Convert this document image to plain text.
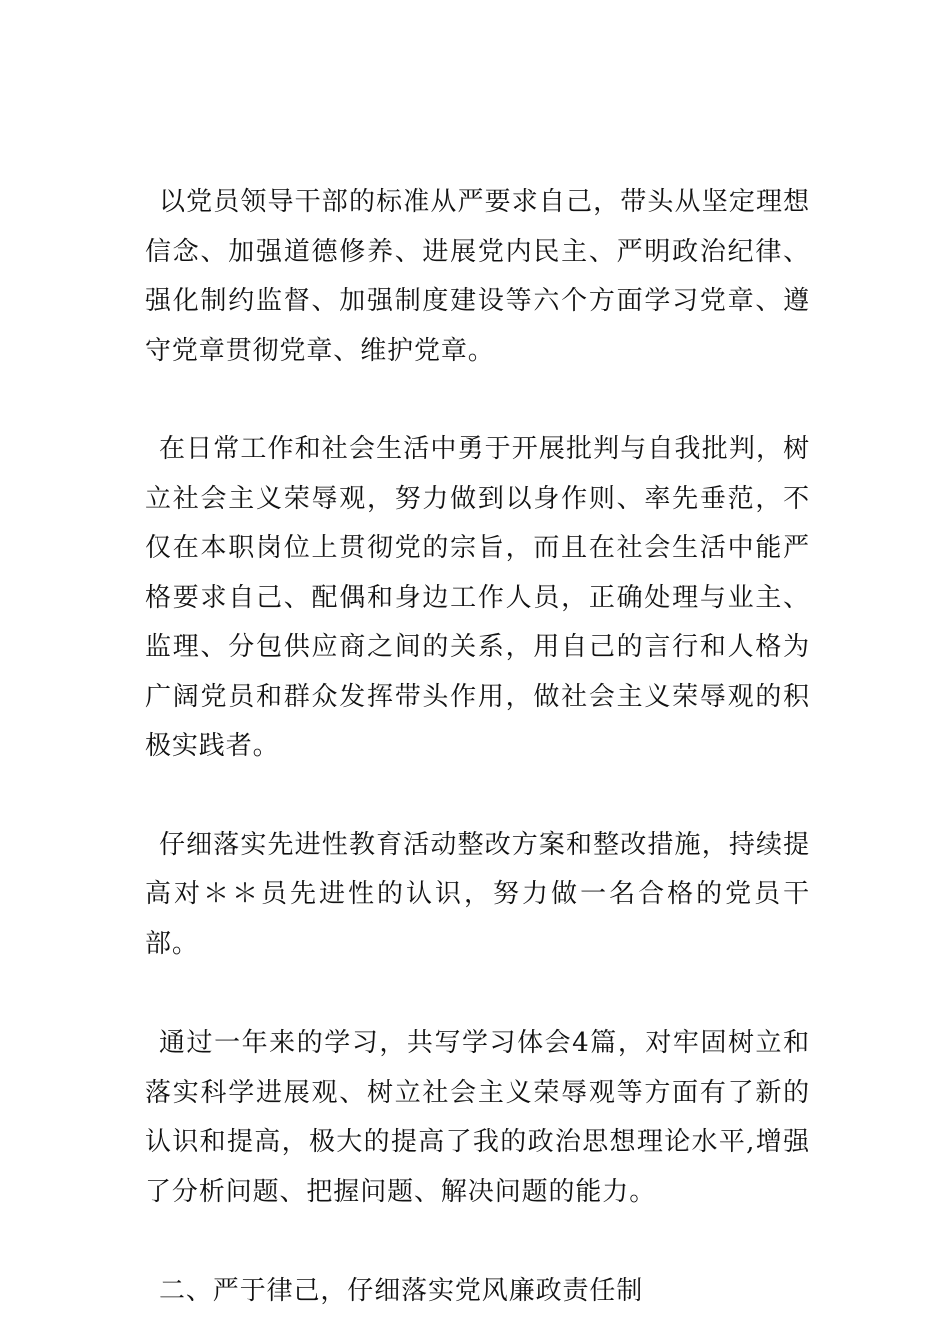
以党员领导干部的标准从严要求自己，带头从坚定理想信念、加强道德修养、进展党内民主、严明政治纪律、强化制约监督、加强制度建设等六个方面学习党章、遵守党章贯彻党章、维护党章。

在日常工作和社会生活中勇于开展批判与自我批判，树立社会主义荣辱观，努力做到以身作则、率先垂范，不仅在本职岗位上贯彻党的宗旨，而且在社会生活中能严格要求自己、配偶和身边工作人员，正确处理与业主、监理、分包供应商之间的关系，用自己的言行和人格为广阔党员和群众发挥带头作用，做社会主义荣辱观的积极实践者。

仔细落实先进性教育活动整改方案和整改措施，持续提高对＊＊员先进性的认识，努力做一名合格的党员干部。

通过一年来的学习，共写学习体会4篇，对牢固树立和落实科学进展观、树立社会主义荣辱观等方面有了新的认识和提高，极大的提高了我的政治思想理论水平,增强了分析问题、把握问题、解决问题的能力。

二、严于律己，仔细落实党风廉政责任制
